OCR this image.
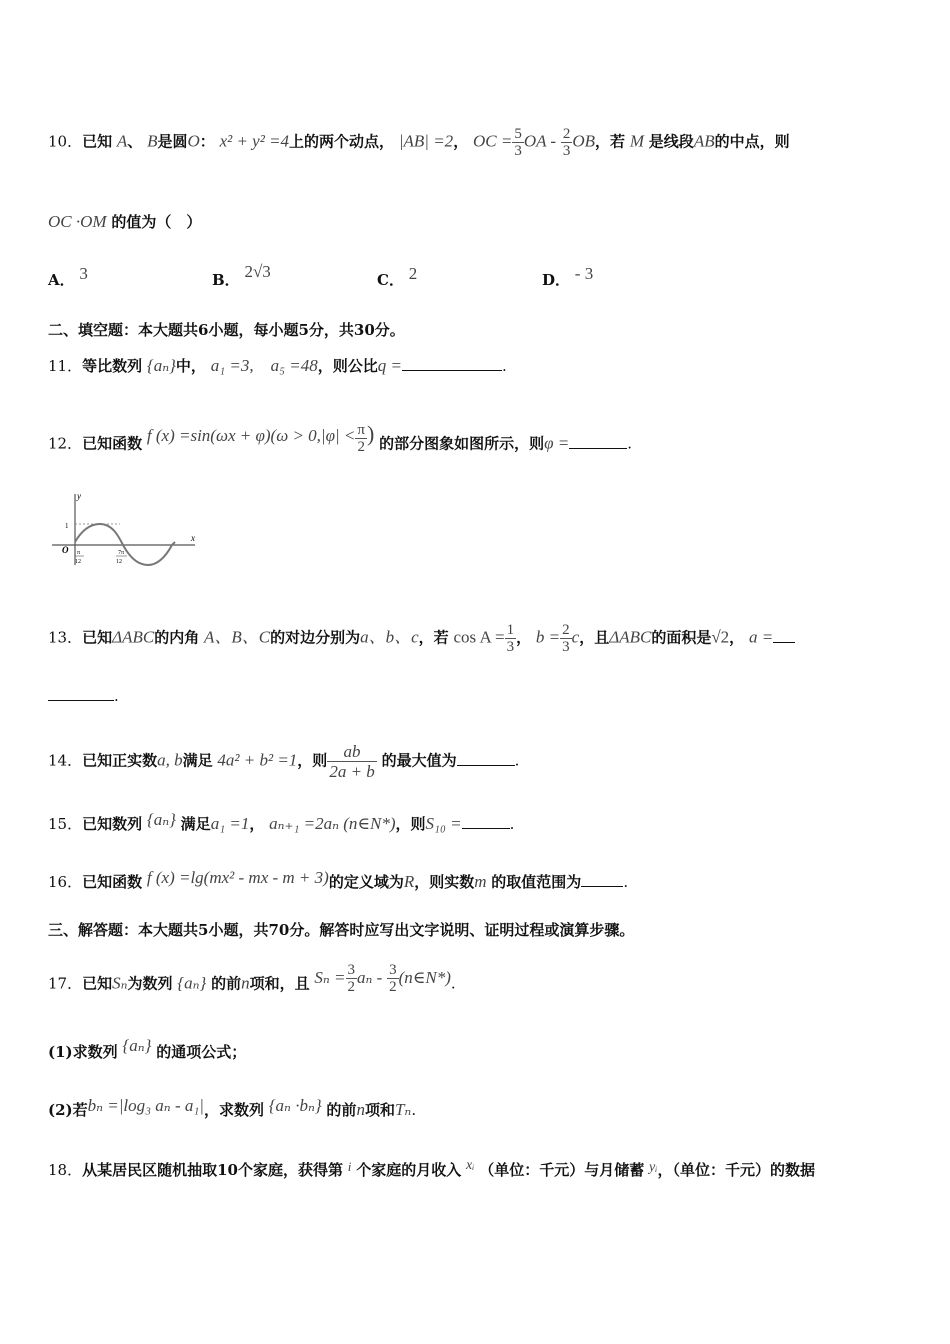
10．已知 A、 B是圆O： x² + y² =4上的两个动点， |AB| =2， OC = $\frac{5}{3}$ OA - $\frac{2}{3}$ OB，若 M 是线段AB的中点，则
OC ·OM 的值为（　）
A． 3	B． 2√3	C． 2	D． - 3
二、填空题：本大题共6小题，每小题5分，共30分。
11．等比数列 {aₙ}中， a₁ =3,　a₅ =48，则公比q =	.
12．已知函数 f $(x) =\sin(\omega x + \varphi)(\omega > 0,|\varphi| < \frac{\pi}{2}$ ) 的部分图象如图所示，则φ =	.
y
x
1
O π
12
7π
12
13．已知ΔABC的内角 A、B、C的对边分别为a、b、c，若 $\cos A = \frac{1}{3}$ ， $b = \frac{2}{3}$ c，且ΔABC的面积是√2， a =
.
14．已知正实数a, b满足 4a² + b² =1，则 $\frac{ab}{2a + b}$ 的最大值为	.
15．已知数列 {aₙ} 满足a₁ =1， aₙ₊₁ =2aₙ (n∈N*)，则S₁₀ =	.
16．已知函数 f (x) =lg(mx² - mx - m + 3)的定义域为R，则实数m 的取值范围为	.
三、解答题：本大题共5小题，共70分。解答时应写出文字说明、证明过程或演算步骤。
17．已知Sₙ为数列 {aₙ} 的前n项和，且 $S_n = \frac{3}{2}$ aₙ - $\frac{3}{2}$ (n∈N*).
(1)求数列 {aₙ} 的通项公式；
(2)若bₙ =|log₃ aₙ - a₁|，求数列 {aₙ ·bₙ} 的前n项和Tₙ.
18．从某居民区随机抽取10个家庭，获得第 i 个家庭的月收入 xᵢ （单位：千元）与月储蓄 yᵢ，（单位：千元）的数据
